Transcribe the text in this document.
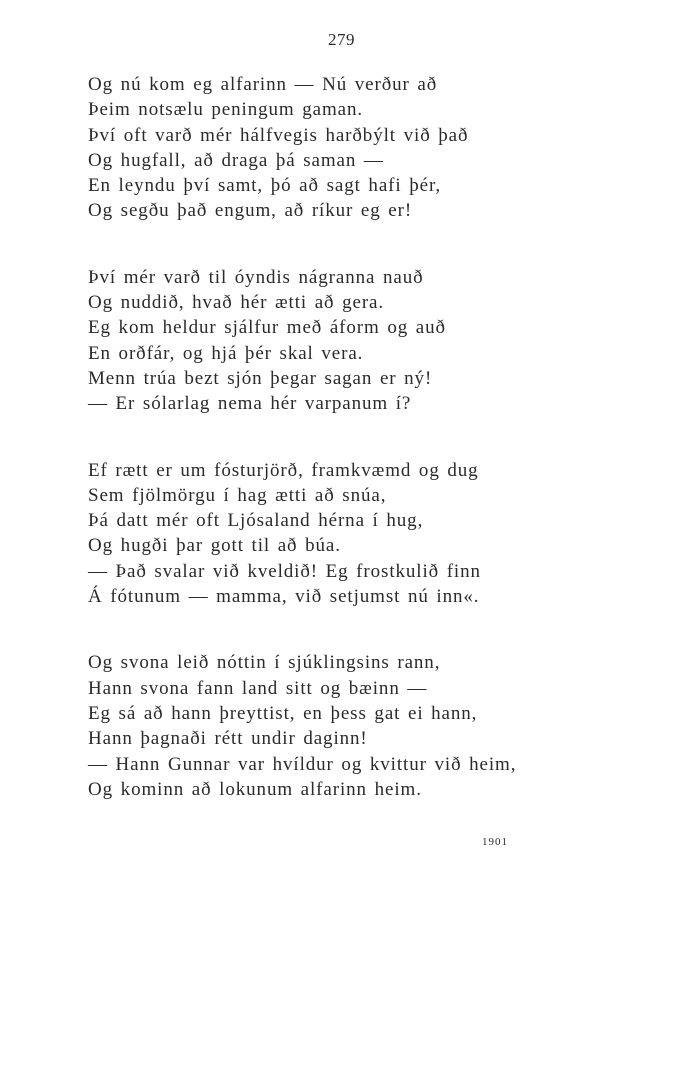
279
Og nú kom eg alfarinn — Nú verður að
Þeim notsælu peningum gaman.
Því oft varð mér hálfvegis harðbýlt við það
Og hugfall, að draga þá saman —
En leyndu því samt, þó að sagt hafi þér,
Og segðu það engum, að ríkur eg er!
Því mér varð til óyndis nágranna nauð
Og nuddið, hvað hér ætti að gera.
Eg kom heldur sjálfur með áform og auð
En orðfár, og hjá þér skal vera.
Menn trúa bezt sjón þegar sagan er ný!
— Er sólarlag nema hér varpanum í?
Ef rætt er um fósturjörð, framkvæmd og dug
Sem fjölmörgu í hag ætti að snúa,
Þá datt mér oft Ljósaland hérna í hug,
Og hugði þar gott til að búa.
— Það svalar við kveldið! Eg frostkulið finn
Á fótunum — mamma, við setjumst nú inn«.
Og svona leið nóttin í sjúklingsins rann,
Hann svona fann land sitt og bæinn —
Eg sá að hann þreyttist, en þess gat ei hann,
Hann þagnaði rétt undir daginn!
— Hann Gunnar var hvíldur og kvittur við heim,
Og kominn að lokunum alfarinn heim.
1901
